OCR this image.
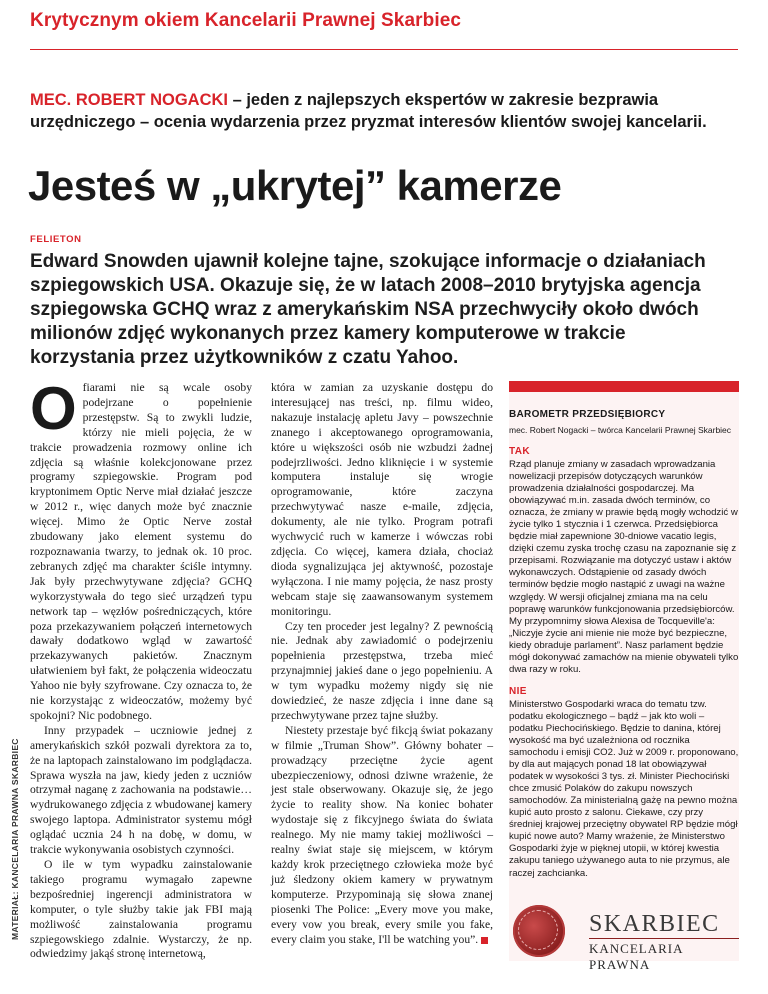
Krytycznym okiem Kancelarii Prawnej Skarbiec
MEC. ROBERT NOGACKI – jeden z najlepszych ekspertów w zakresie bezprawia urzędniczego – ocenia wydarzenia przez pryzmat interesów klientów swojej kancelarii.
Jesteś w „ukrytej” kamerze
FELIETON
Edward Snowden ujawnił kolejne tajne, szokujące informacje o działaniach szpiegowskich USA. Okazuje się, że w latach 2008–2010 brytyjska agencja szpiegowska GCHQ wraz z amerykańskim NSA przechwyciły około dwóch milionów zdjęć wykonanych przez kamery komputerowe w trakcie korzystania przez użytkowników z czatu Yahoo.
MATERIAŁ: KANCELARIA PRAWNA SKARBIEC

Ofiarami nie są wcale osoby podejrzane o popełnienie przestępstw. Są to zwykli ludzie, którzy nie mieli pojęcia, że w trakcie prowadzenia rozmowy online ich zdjęcia są właśnie kolekcjonowane przez programy szpiegowskie. Program pod kryptonimem Optic Nerve miał działać jeszcze w 2012 r., więc danych może być znacznie więcej. Mimo że Optic Nerve został zbudowany jako element systemu do rozpoznawania twarzy, to jednak ok. 10 proc. zebranych zdjęć ma charakter ściśle intymny. Jak były przechwytywane zdjęcia? GCHQ wykorzystywała do tego sieć urządzeń typu network tap – węzłów pośredniczących, które poza przekazywaniem połączeń internetowych dawały dodatkowo wgląd w zawartość przekazywanych pakietów. Znacznym ułatwieniem był fakt, że połączenia wideoczatu Yahoo nie były szyfrowane. Czy oznacza to, że nie korzystając z wideoczatów, możemy być spokojni? Nic podobnego.

Inny przypadek – uczniowie jednej z amerykańskich szkół pozwali dyrektora za to, że na laptopach zainstalowano im podglądacza. Sprawa wyszła na jaw, kiedy jeden z uczniów otrzymał naganę z zachowania na podstawie… wydrukowanego zdjęcia z wbudowanej kamery swojego laptopa. Administrator systemu mógł oglądać ucznia 24 h na dobę, w domu, w trakcie wykonywania osobistych czynności.

O ile w tym wypadku zainstalowanie takiego programu wymagało zapewne bezpośredniej ingerencji administratora w komputer, o tyle służby takie jak FBI mają możliwość zainstalowania programu szpiegowskiego zdalnie. Wystarczy, że np. odwiedzimy jakąś stronę internetową,

która w zamian za uzyskanie dostępu do interesującej nas treści, np. filmu wideo, nakazuje instalację apletu Javy – powszechnie znanego i akceptowanego oprogramowania, które u większości osób nie wzbudzi żadnej podejrzliwości. Jedno kliknięcie i w systemie komputera instaluje się wrogie oprogramowanie, które zaczyna przechwytywać nasze e-maile, zdjęcia, dokumenty, ale nie tylko. Program potrafi wychwycić ruch w kamerze i wówczas robi zdjęcia. Co więcej, kamera działa, chociaż dioda sygnalizująca jej aktywność, pozostaje wyłączona. I nie mamy pojęcia, że nasz prosty webcam staje się zaawansowanym systemem monitoringu.

Czy ten proceder jest legalny? Z pewnością nie. Jednak aby zawiadomić o podejrzeniu popełnienia przestępstwa, trzeba mieć przynajmniej jakieś dane o jego popełnieniu. A w tym wypadku możemy nigdy się nie dowiedzieć, że nasze zdjęcia i inne dane są przechwytywane przez tajne służby.

Niestety przestaje być fikcją świat pokazany w filmie „Truman Show”. Główny bohater – prowadzący przeciętne życie agent ubezpieczeniowy, odnosi dziwne wrażenie, że jest stale obserwowany. Okazuje się, że jego życie to reality show. Na koniec bohater wydostaje się z fikcyjnego świata do świata realnego. My nie mamy takiej możliwości – realny świat staje się miejscem, w którym każdy krok przeciętnego człowieka może być już śledzony okiem kamery w prywatnym komputerze. Przypominają się słowa znanej piosenki The Police: „Every move you make, every vow you break, every smile you fake, every claim you stake, I'll be watching you”.

BAROMETR PRZEDSIĘBIORCY
mec. Robert Nogacki – twórca Kancelarii Prawnej Skarbiec
TAK
Rząd planuje zmiany w zasadach wprowadzania nowelizacji przepisów dotyczących warunków prowadzenia działalności gospodarczej. Ma obowiązywać m.in. zasada dwóch terminów, co oznacza, że zmiany w prawie będą mogły wchodzić w życie tylko 1 stycznia i 1 czerwca. Przedsiębiorca będzie miał zapewnione 30-dniowe vacatio legis, dzięki czemu zyska trochę czasu na zapoznanie się z przepisami. Rozwiązanie ma dotyczyć ustaw i aktów wykonawczych. Odstąpienie od zasady dwóch terminów będzie mogło nastąpić z uwagi na ważne względy. W wersji oficjalnej zmiana ma na celu poprawę warunków funkcjonowania przedsiębiorców. My przypomnimy słowa Alexisa de Tocqueville'a: „Niczyje życie ani mienie nie może być bezpieczne, kiedy obraduje parlament”. Nasz parlament będzie mógł dokonywać zamachów na mienie obywateli tylko dwa razy w roku.
NIE
Ministerstwo Gospodarki wraca do tematu tzw. podatku ekologicznego – bądź – jak kto woli – podatku Piechocińskiego. Będzie to danina, której wysokość ma być uzależniona od rocznika samochodu i emisji CO2. Już w 2009 r. proponowano, by dla aut mających ponad 18 lat obowiązywał podatek w wysokości 3 tys. zł. Minister Piechociński chce zmusić Polaków do zakupu nowszych samochodów. Za ministerialną gażę na pewno można kupić auto prosto z salonu. Ciekawe, czy przy średniej krajowej przeciętny obywatel RP będzie mógł kupić nowe auto? Mamy wrażenie, że Ministerstwo Gospodarki żyje w pięknej utopii, w której kwestia zakupu taniego używanego auta to nie przymus, ale raczej zachcianka.
SKARBIEC
KANCELARIA PRAWNA
